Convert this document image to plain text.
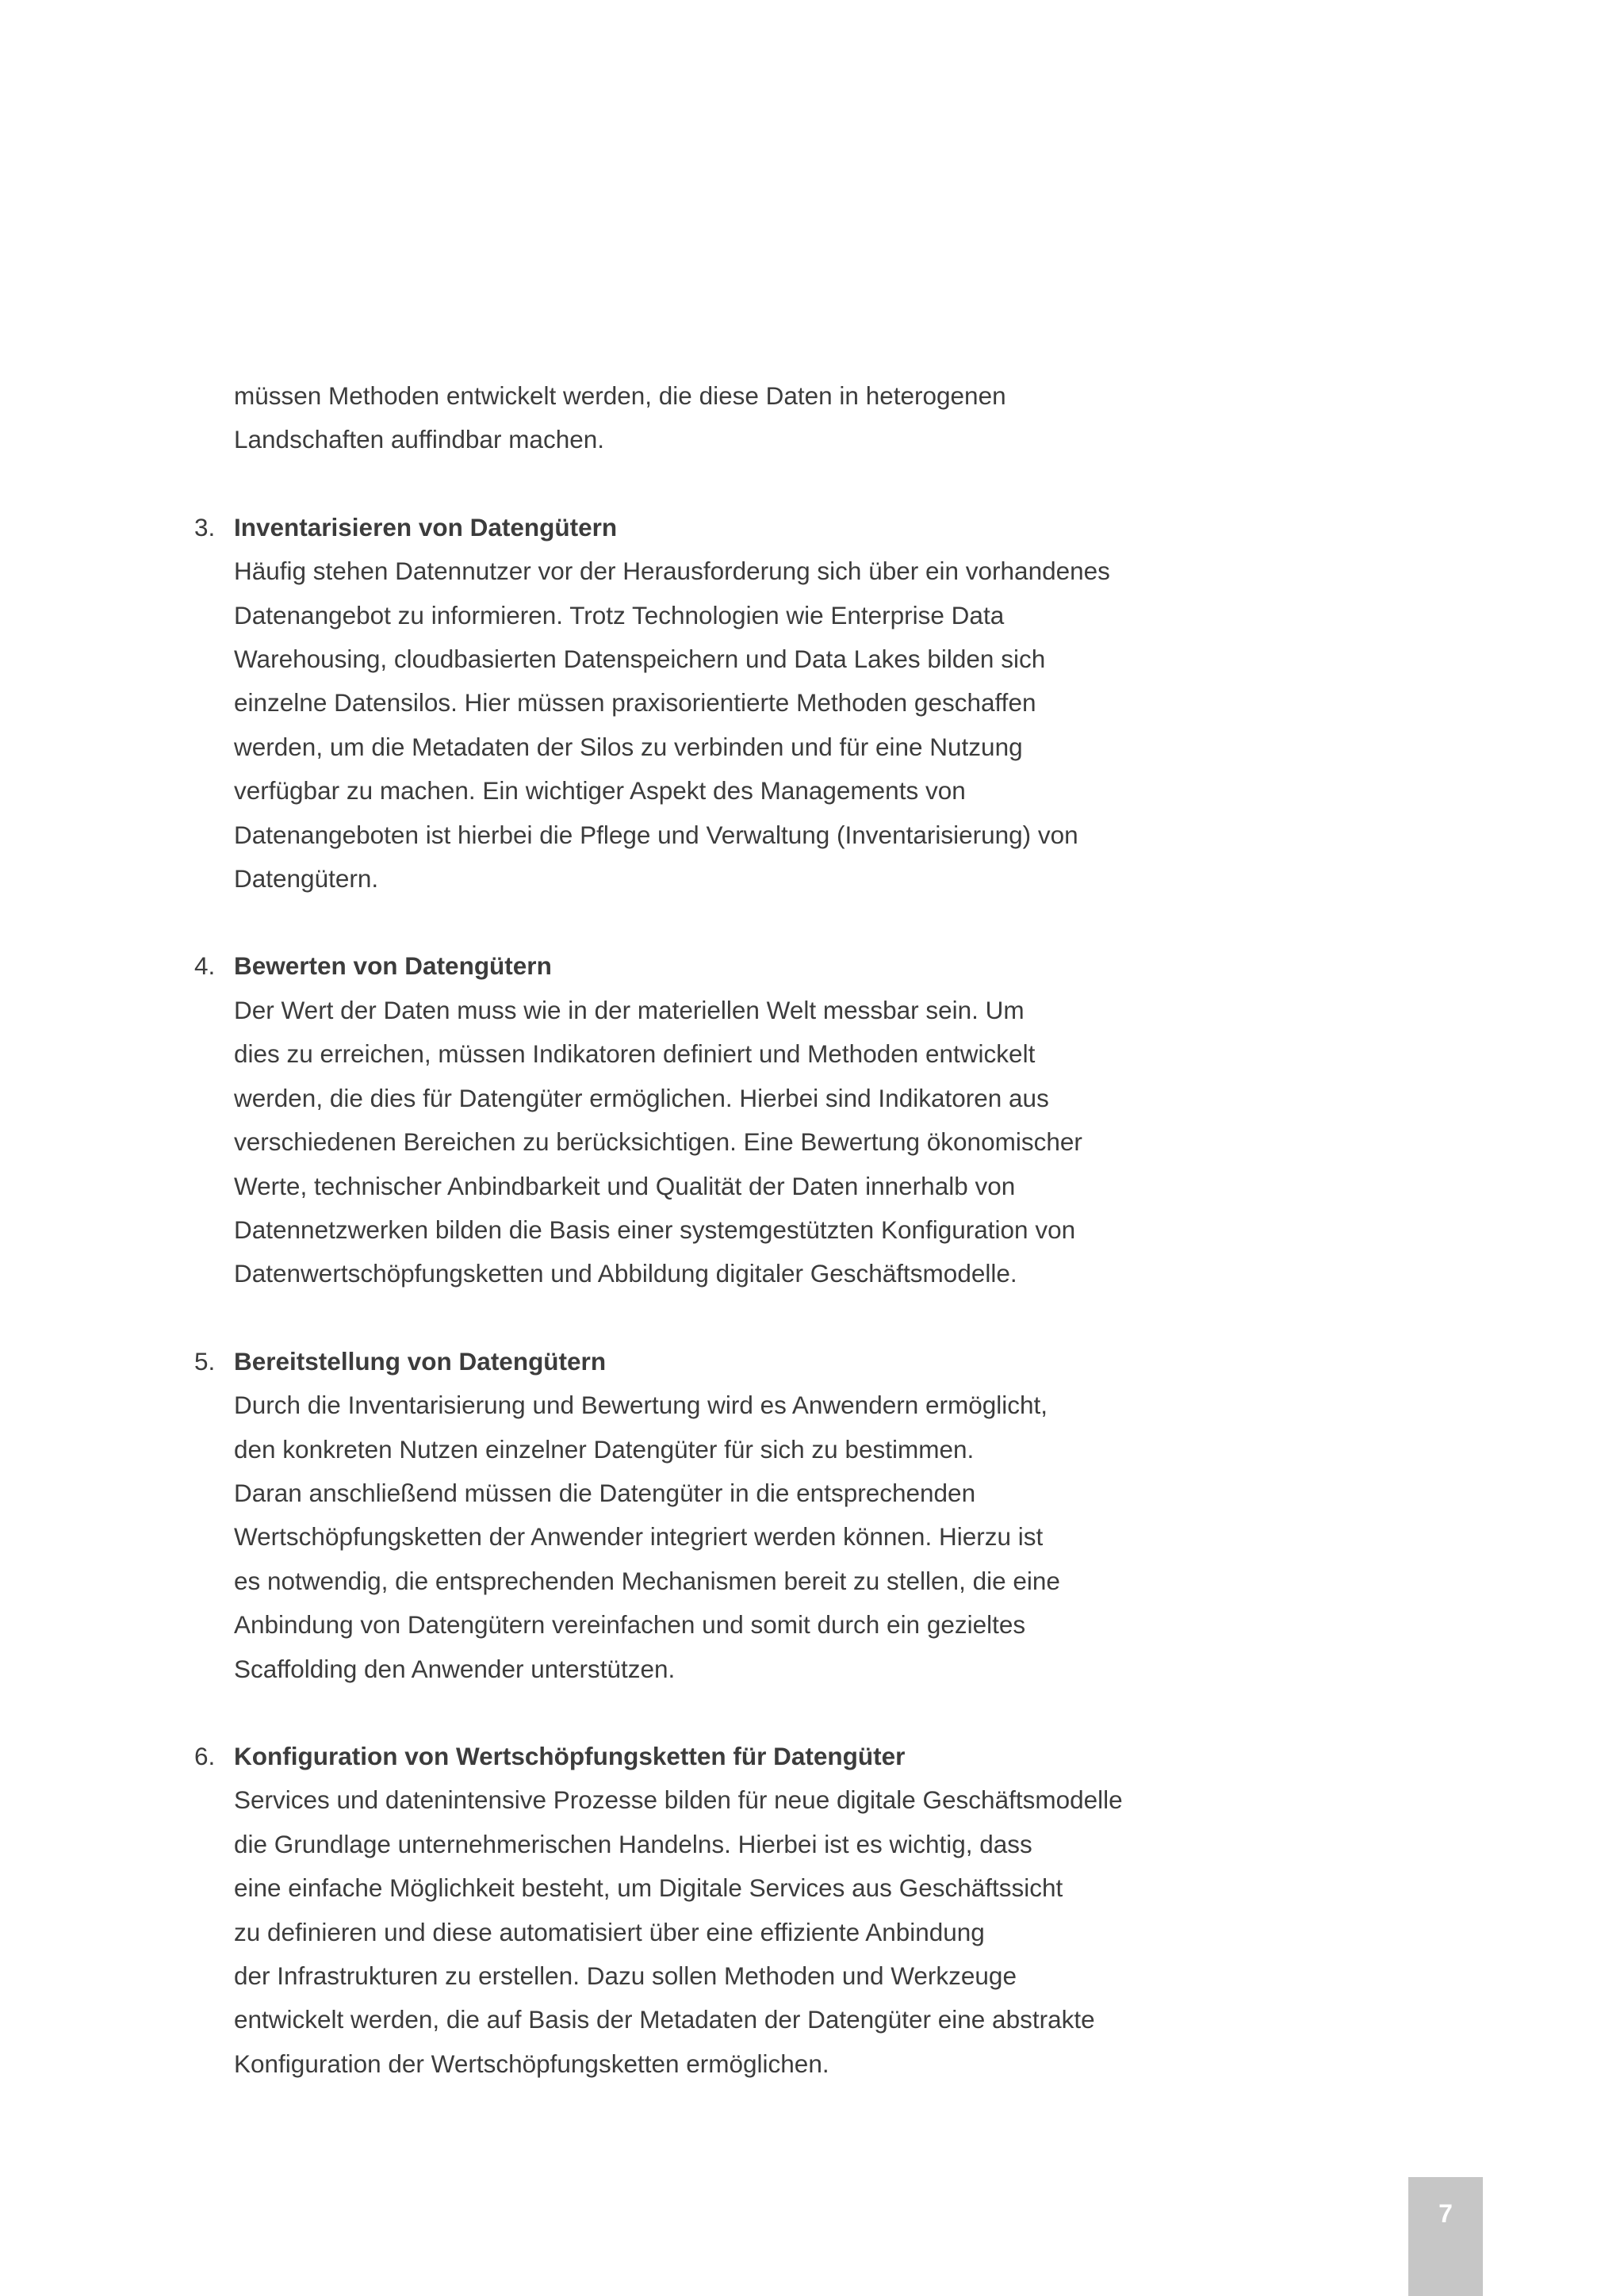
müssen Methoden entwickelt werden, die diese Daten in heterogenen
Landschaften auffindbar machen.

3. Inventarisieren von Datengütern

Häufig stehen Datennutzer vor der Herausforderung sich über ein vorhandenes
Datenangebot zu informieren. Trotz Technologien wie Enterprise Data
Warehousing, cloudbasierten Datenspeichern und Data Lakes bilden sich
einzelne Datensilos. Hier müssen praxisorientierte Methoden geschaffen
werden, um die Metadaten der Silos zu verbinden und für eine Nutzung
verfügbar zu machen. Ein wichtiger Aspekt des Managements von
Datenangeboten ist hierbei die Pflege und Verwaltung (Inventarisierung) von
Datengütern.

4. Bewerten von Datengütern

Der Wert der Daten muss wie in der materiellen Welt messbar sein. Um
dies zu erreichen, müssen Indikatoren definiert und Methoden entwickelt
werden, die dies für Datengüter ermöglichen. Hierbei sind Indikatoren aus
verschiedenen Bereichen zu berücksichtigen. Eine Bewertung ökonomischer
Werte, technischer Anbindbarkeit und Qualität der Daten innerhalb von
Datennetzwerken bilden die Basis einer systemgestützten Konfiguration von
Datenwertschöpfungsketten und Abbildung digitaler Geschäftsmodelle.

5. Bereitstellung von Datengütern

Durch die Inventarisierung und Bewertung wird es Anwendern ermöglicht,
den konkreten Nutzen einzelner Datengüter für sich zu bestimmen.
Daran anschließend müssen die Datengüter in die entsprechenden
Wertschöpfungsketten der Anwender integriert werden können. Hierzu ist
es notwendig, die entsprechenden Mechanismen bereit zu stellen, die eine
Anbindung von Datengütern vereinfachen und somit durch ein gezieltes
Scaffolding den Anwender unterstützen.

6. Konfiguration von Wertschöpfungsketten für Datengüter

Services und datenintensive Prozesse bilden für neue digitale Geschäftsmodelle
die Grundlage unternehmerischen Handelns. Hierbei ist es wichtig, dass
eine einfache Möglichkeit besteht, um Digitale Services aus Geschäftssicht
zu definieren und diese automatisiert über eine effiziente Anbindung
der Infrastrukturen zu erstellen. Dazu sollen Methoden und Werkzeuge
entwickelt werden, die auf Basis der Metadaten der Datengüter eine abstrakte
Konfiguration der Wertschöpfungsketten ermöglichen.

7
